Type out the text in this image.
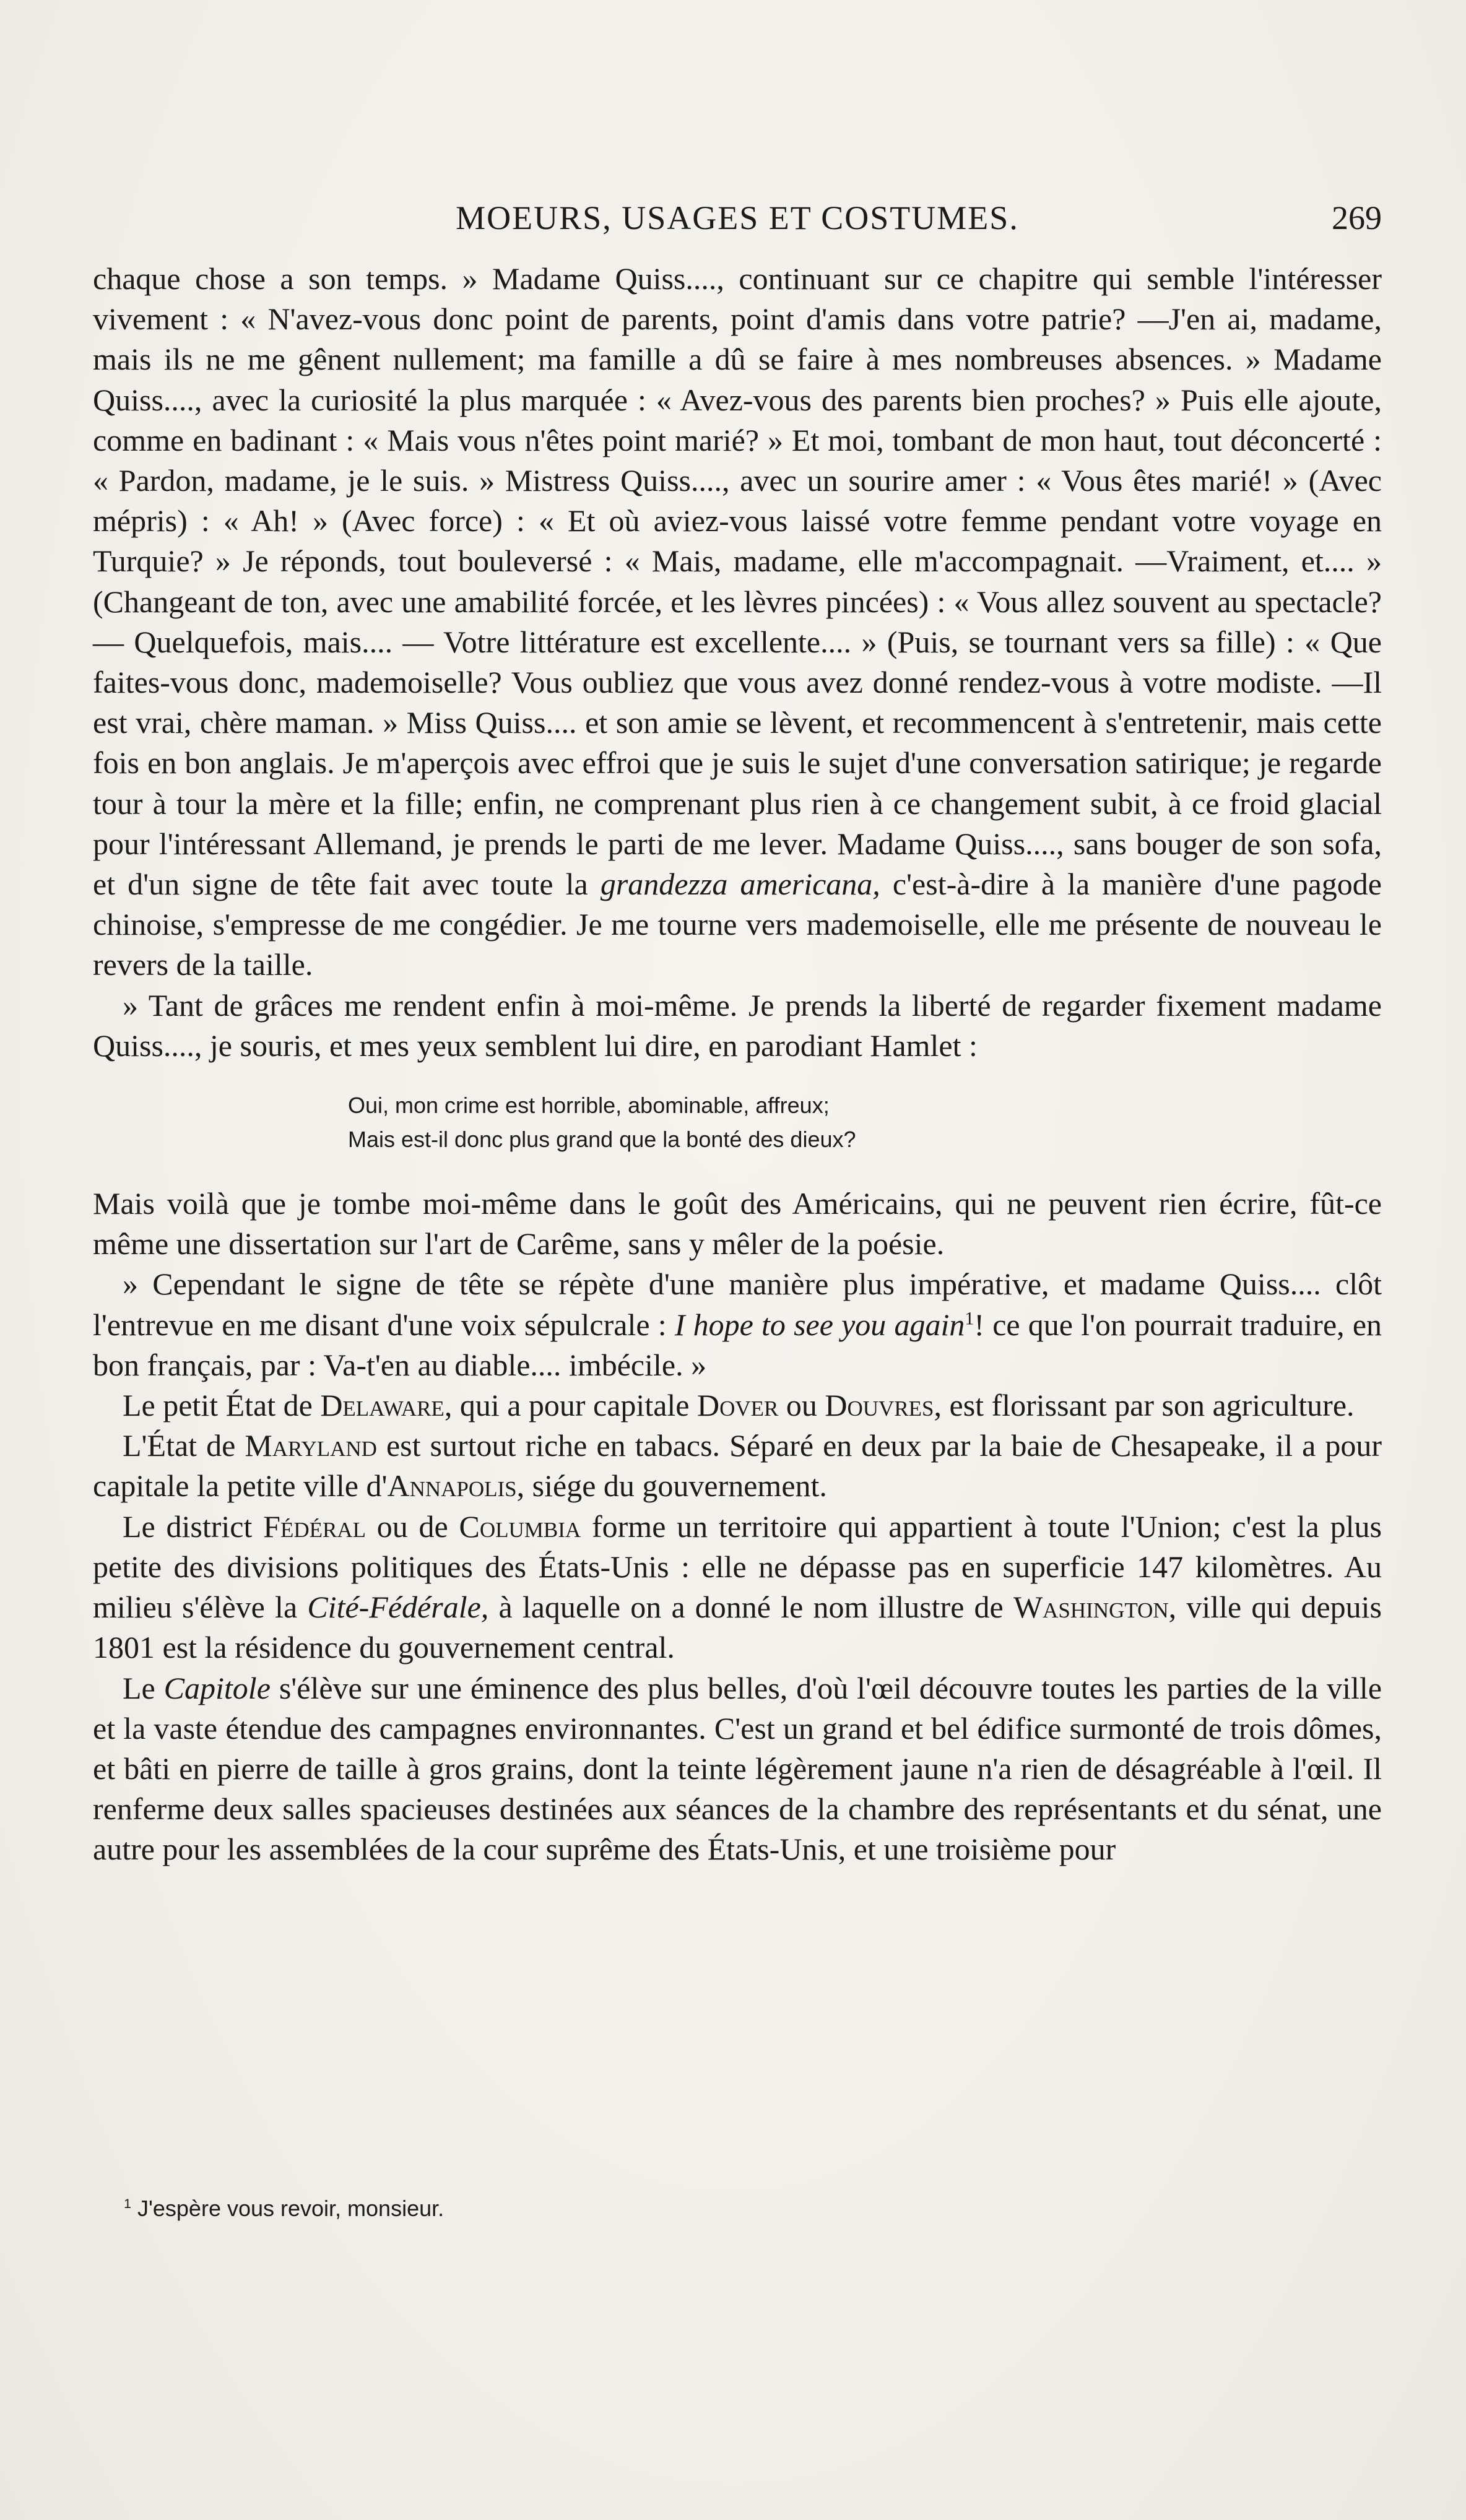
MOEURS, USAGES ET COSTUMES.	269

chaque chose a son temps. » Madame Quiss...., continuant sur ce chapitre qui semble l'intéresser vivement : « N'avez-vous donc point de parents, point d'amis dans votre patrie? —J'en ai, madame, mais ils ne me gênent nullement; ma famille a dû se faire à mes nombreuses absences. » Madame Quiss...., avec la curiosité la plus marquée : « Avez-vous des parents bien proches? » Puis elle ajoute, comme en badinant : « Mais vous n'êtes point marié? » Et moi, tombant de mon haut, tout déconcerté : « Pardon, madame, je le suis. » Mistress Quiss...., avec un sourire amer : « Vous êtes marié! » (Avec mépris) : « Ah! » (Avec force) : « Et où aviez-vous laissé votre femme pendant votre voyage en Turquie? » Je réponds, tout bouleversé : « Mais, madame, elle m'accompagnait. —Vraiment, et.... » (Changeant de ton, avec une amabilité forcée, et les lèvres pincées) : « Vous allez souvent au spectacle? — Quelquefois, mais.... — Votre littérature est excellente.... » (Puis, se tournant vers sa fille) : « Que faites-vous donc, mademoiselle? Vous oubliez que vous avez donné rendez-vous à votre modiste. —Il est vrai, chère maman. » Miss Quiss.... et son amie se lèvent, et recommencent à s'entretenir, mais cette fois en bon anglais. Je m'aperçois avec effroi que je suis le sujet d'une conversation satirique; je regarde tour à tour la mère et la fille; enfin, ne comprenant plus rien à ce changement subit, à ce froid glacial pour l'intéressant Allemand, je prends le parti de me lever. Madame Quiss...., sans bouger de son sofa, et d'un signe de tête fait avec toute la grandezza americana, c'est-à-dire à la manière d'une pagode chinoise, s'empresse de me congédier. Je me tourne vers mademoiselle, elle me présente de nouveau le revers de la taille.

» Tant de grâces me rendent enfin à moi-même. Je prends la liberté de regarder fixement madame Quiss...., je souris, et mes yeux semblent lui dire, en parodiant Hamlet :

Oui, mon crime est horrible, abominable, affreux;
Mais est-il donc plus grand que la bonté des dieux?

Mais voilà que je tombe moi-même dans le goût des Américains, qui ne peuvent rien écrire, fût-ce même une dissertation sur l'art de Carême, sans y mêler de la poésie.

» Cependant le signe de tête se répète d'une manière plus impérative, et madame Quiss.... clôt l'entrevue en me disant d'une voix sépulcrale : I hope to see you again$^1$! ce que l'on pourrait traduire, en bon français, par : Va-t'en au diable.... imbécile. »

Le petit État de Delaware, qui a pour capitale Dover ou Douvres, est florissant par son agriculture.

L'État de Maryland est surtout riche en tabacs. Séparé en deux par la baie de Chesapeake, il a pour capitale la petite ville d'Annapolis, siége du gouvernement.

Le district Fédéral ou de Columbia forme un territoire qui appartient à toute l'Union; c'est la plus petite des divisions politiques des États-Unis : elle ne dépasse pas en superficie 147 kilomètres. Au milieu s'élève la Cité-Fédérale, à laquelle on a donné le nom illustre de Washington, ville qui depuis 1801 est la résidence du gouvernement central.

Le Capitole s'élève sur une éminence des plus belles, d'où l'œil découvre toutes les parties de la ville et la vaste étendue des campagnes environnantes. C'est un grand et bel édifice surmonté de trois dômes, et bâti en pierre de taille à gros grains, dont la teinte légèrement jaune n'a rien de désagréable à l'œil. Il renferme deux salles spacieuses destinées aux séances de la chambre des représentants et du sénat, une autre pour les assemblées de la cour suprême des États-Unis, et une troisième pour

$^1$ J'espère vous revoir, monsieur.
